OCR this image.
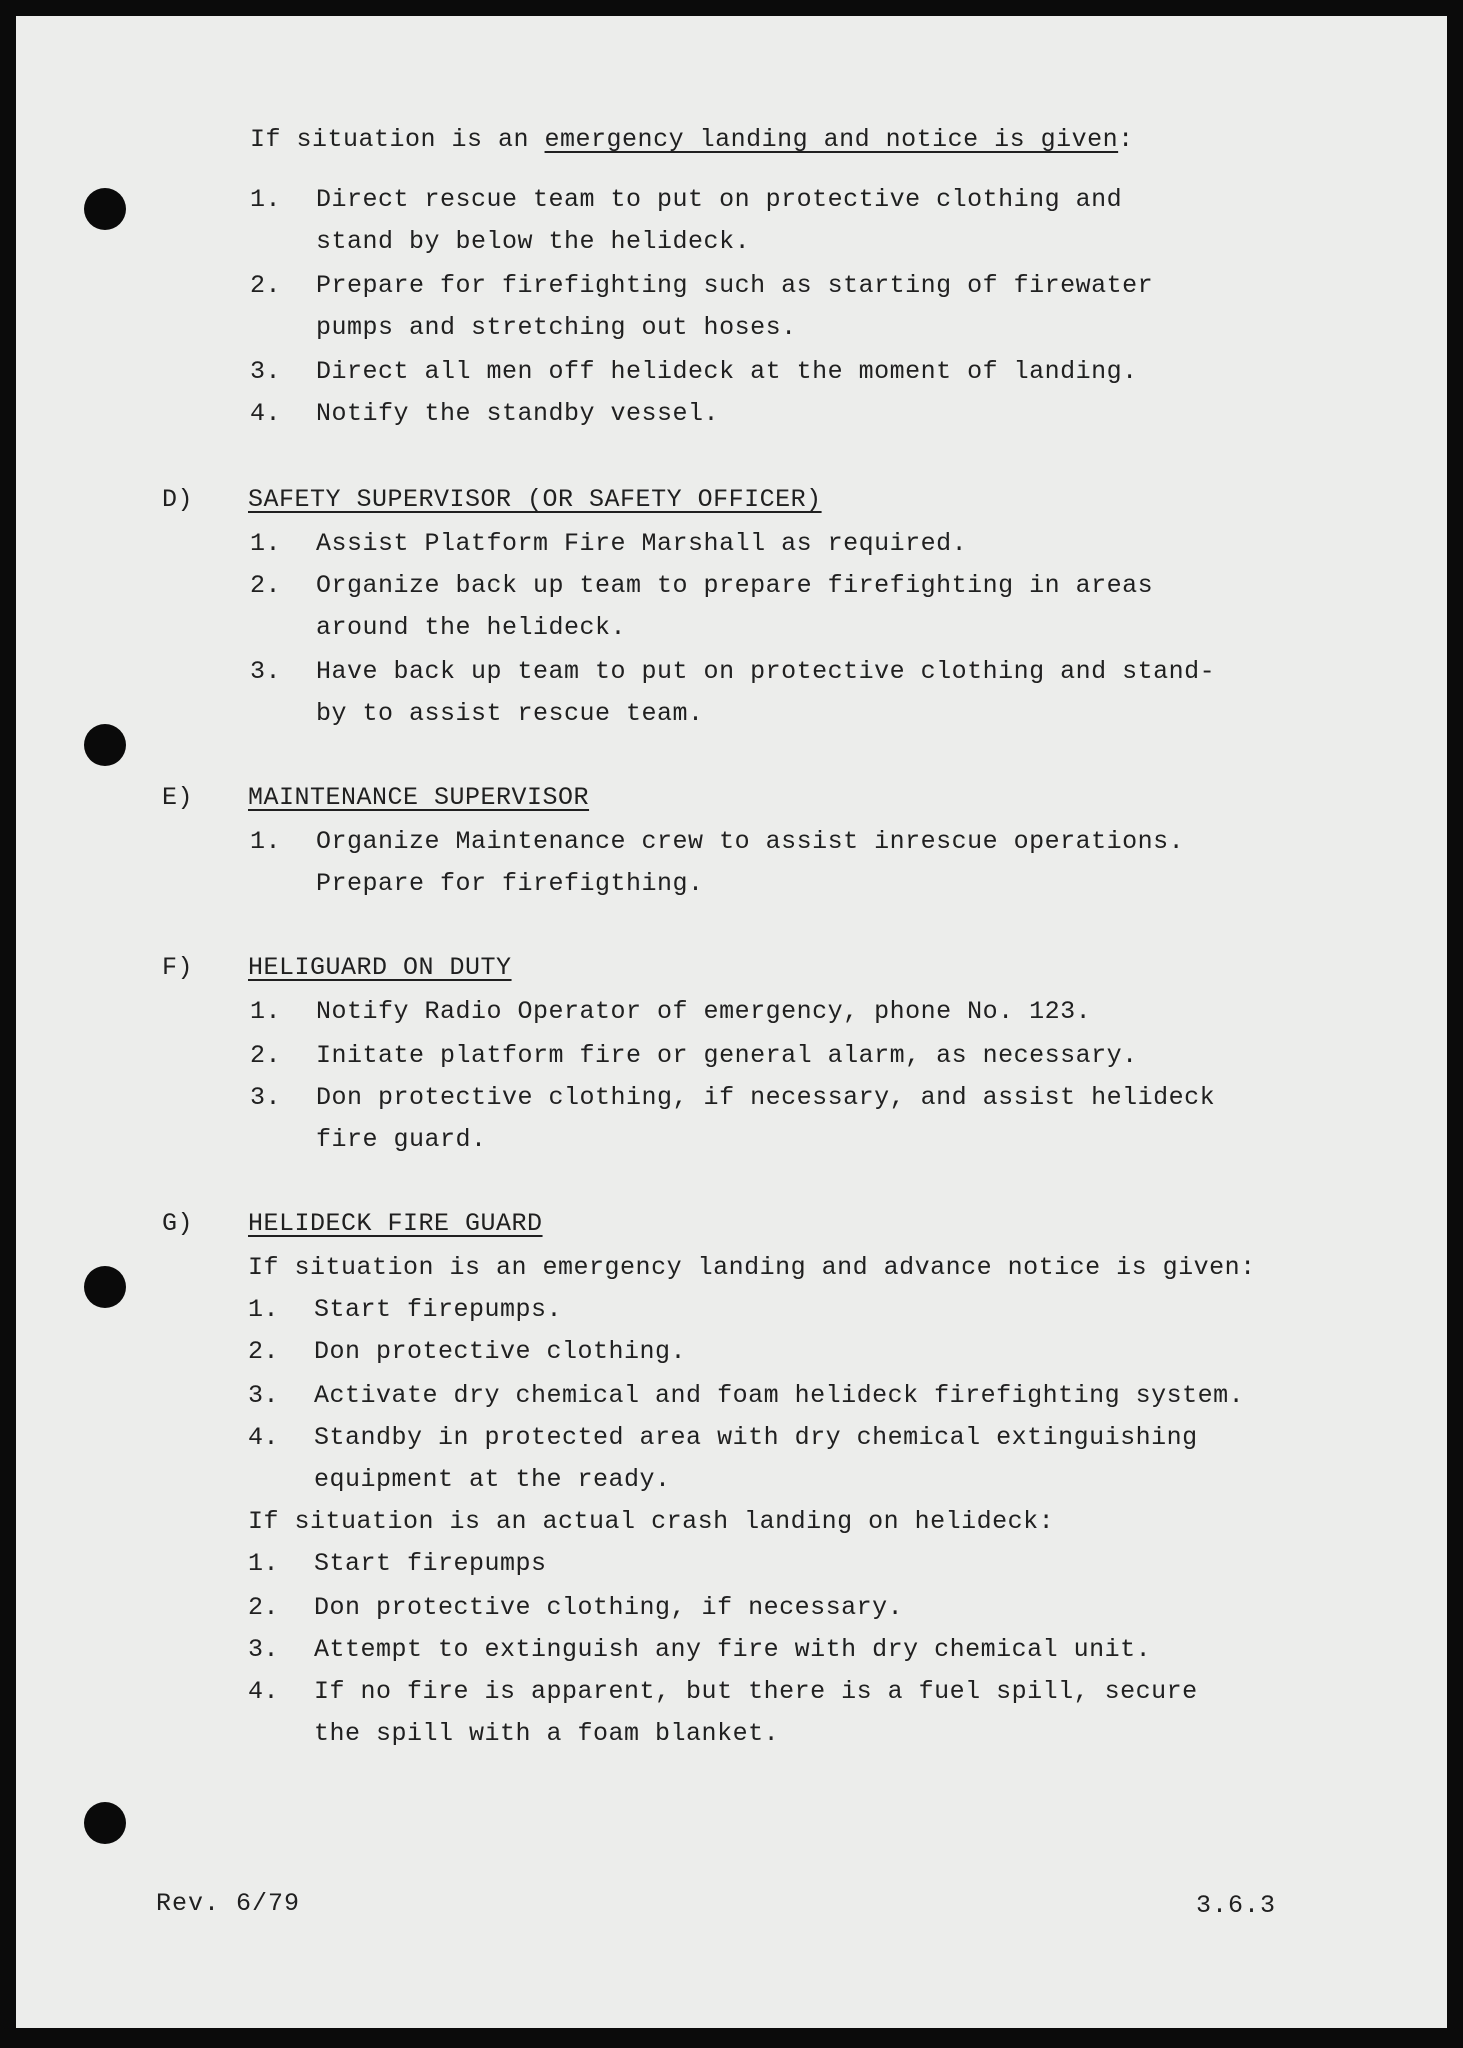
If situation is an emergency landing and notice is given:

1. Direct rescue team to put on protective clothing and

stand by below the helideck.

2. Prepare for firefighting such as starting of firewater

pumps and stretching out hoses.

3. Direct all men off helideck at the moment of landing.

4. Notify the standby vessel.

D) SAFETY SUPERVISOR (OR SAFETY OFFICER)

1. Assist Platform Fire Marshall as required.

2. Organize back up team to prepare firefighting in areas

around the helideck.

3. Have back up team to put on protective clothing and stand-

by to assist rescue team.

E) MAINTENANCE SUPERVISOR

1. Organize Maintenance crew to assist inrescue operations.

Prepare for firefigthing.

F) HELIGUARD ON DUTY

1. Notify Radio Operator of emergency, phone No. 123.

2. Initate platform fire or general alarm, as necessary.

3. Don protective clothing, if necessary, and assist helideck

fire guard.

G) HELIDECK FIRE GUARD

If situation is an emergency landing and advance notice is given:

1. Start firepumps.

2. Don protective clothing.

3. Activate dry chemical and foam helideck firefighting system.

4. Standby in protected area with dry chemical extinguishing

equipment at the ready.

If situation is an actual crash landing on helideck:

1. Start firepumps

2. Don protective clothing, if necessary.

3. Attempt to extinguish any fire with dry chemical unit.

4. If no fire is apparent, but there is a fuel spill, secure

the spill with a foam blanket.

Rev. 6/79	3.6.3
